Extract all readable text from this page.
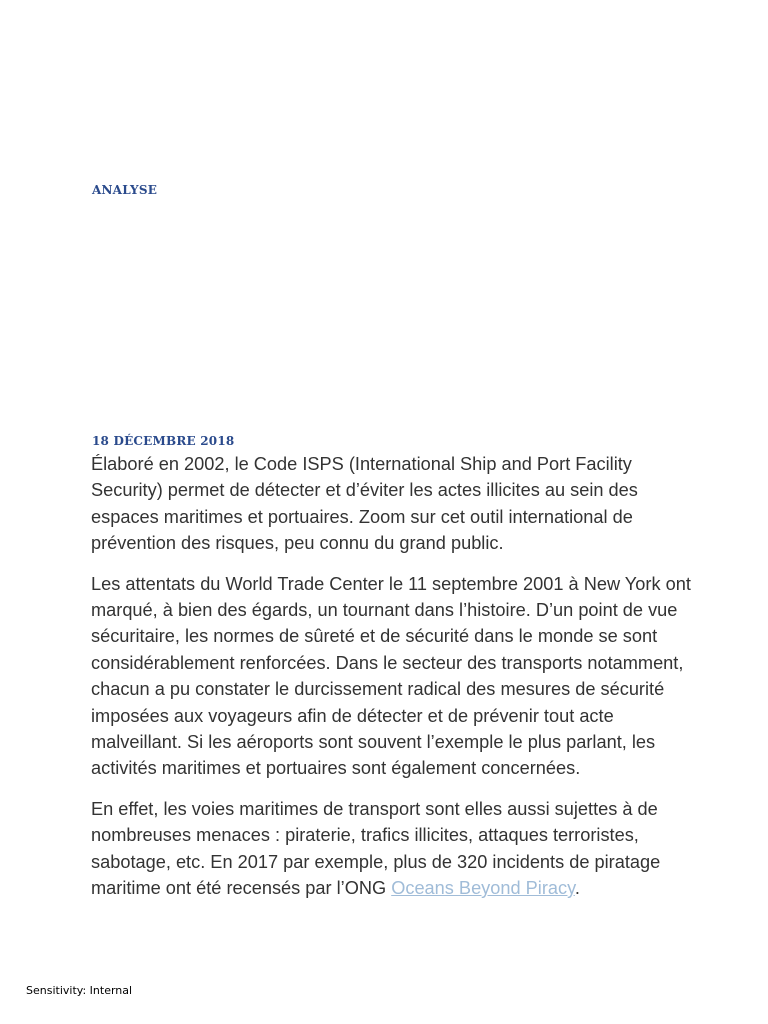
ANALYSE
18 DÉCEMBRE 2018

Élaboré en 2002, le Code ISPS (International Ship and Port Facility Security) permet de détecter et d’éviter les actes illicites au sein des espaces maritimes et portuaires. Zoom sur cet outil international de prévention des risques, peu connu du grand public.

Les attentats du World Trade Center le 11 septembre 2001 à New York ont marqué, à bien des égards, un tournant dans l’histoire. D’un point de vue sécuritaire, les normes de sûreté et de sécurité dans le monde se sont considérablement renforcées. Dans le secteur des transports notamment, chacun a pu constater le durcissement radical des mesures de sécurité imposées aux voyageurs afin de détecter et de prévenir tout acte malveillant. Si les aéroports sont souvent l’exemple le plus parlant, les activités maritimes et portuaires sont également concernées.

En effet, les voies maritimes de transport sont elles aussi sujettes à de nombreuses menaces : piraterie, trafics illicites, attaques terroristes, sabotage, etc. En 2017 par exemple, plus de 320 incidents de piratage maritime ont été recensés par l’ONG Oceans Beyond Piracy.

Sensitivity: Internal
